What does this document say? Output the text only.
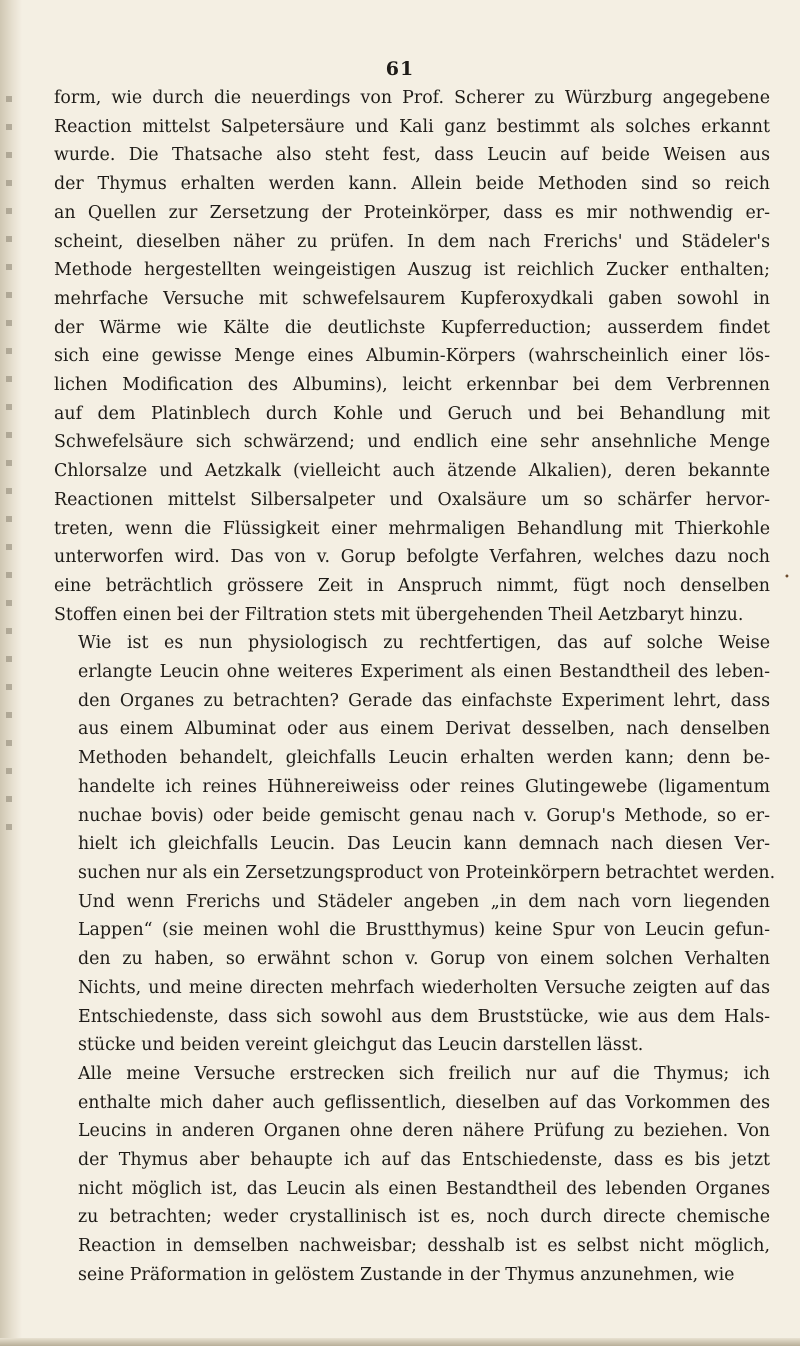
61

form, wie durch die neuerdings von Prof. Scherer zu Würzburg angegebene
Reaction mittelst Salpetersäure und Kali ganz bestimmt als solches erkannt
wurde. Die Thatsache also steht fest, dass Leucin auf beide Weisen aus
der Thymus erhalten werden kann. Allein beide Methoden sind so reich
an Quellen zur Zersetzung der Proteinkörper, dass es mir nothwendig er-
scheint, dieselben näher zu prüfen. In dem nach Frerichs' und Städeler's
Methode hergestellten weingeistigen Auszug ist reichlich Zucker enthalten;
mehrfache Versuche mit schwefelsaurem Kupferoxydkali gaben sowohl in
der Wärme wie Kälte die deutlichste Kupferreduction; ausserdem findet
sich eine gewisse Menge eines Albumin-Körpers (wahrscheinlich einer lös-
lichen Modification des Albumins), leicht erkennbar bei dem Verbrennen
auf dem Platinblech durch Kohle und Geruch und bei Behandlung mit
Schwefelsäure sich schwärzend; und endlich eine sehr ansehnliche Menge
Chlorsalze und Aetzkalk (vielleicht auch ätzende Alkalien), deren bekannte
Reactionen mittelst Silbersalpeter und Oxalsäure um so schärfer hervor-
treten, wenn die Flüssigkeit einer mehrmaligen Behandlung mit Thierkohle
unterworfen wird. Das von v. Gorup befolgte Verfahren, welches dazu noch
eine beträchtlich grössere Zeit in Anspruch nimmt, fügt noch denselben
Stoffen einen bei der Filtration stets mit übergehenden Theil Aetzbaryt hinzu.

Wie ist es nun physiologisch zu rechtfertigen, das auf solche Weise
erlangte Leucin ohne weiteres Experiment als einen Bestandtheil des leben-
den Organes zu betrachten? Gerade das einfachste Experiment lehrt, dass
aus einem Albuminat oder aus einem Derivat desselben, nach denselben
Methoden behandelt, gleichfalls Leucin erhalten werden kann; denn be-
handelte ich reines Hühnereiweiss oder reines Glutingewebe (ligamentum
nuchae bovis) oder beide gemischt genau nach v. Gorup's Methode, so er-
hielt ich gleichfalls Leucin. Das Leucin kann demnach nach diesen Ver-
suchen nur als ein Zersetzungsproduct von Proteinkörpern betrachtet werden.
Und wenn Frerichs und Städeler angeben „in dem nach vorn liegenden
Lappen“ (sie meinen wohl die Brustthymus) keine Spur von Leucin gefun-
den zu haben, so erwähnt schon v. Gorup von einem solchen Verhalten
Nichts, und meine directen mehrfach wiederholten Versuche zeigten auf das
Entschiedenste, dass sich sowohl aus dem Bruststücke, wie aus dem Hals-
stücke und beiden vereint gleichgut das Leucin darstellen lässt.

Alle meine Versuche erstrecken sich freilich nur auf die Thymus; ich
enthalte mich daher auch geflissentlich, dieselben auf das Vorkommen des
Leucins in anderen Organen ohne deren nähere Prüfung zu beziehen. Von
der Thymus aber behaupte ich auf das Entschiedenste, dass es bis jetzt
nicht möglich ist, das Leucin als einen Bestandtheil des lebenden Organes
zu betrachten; weder crystallinisch ist es, noch durch directe chemische
Reaction in demselben nachweisbar; desshalb ist es selbst nicht möglich,
seine Präformation in gelöstem Zustande in der Thymus anzunehmen, wie

•
